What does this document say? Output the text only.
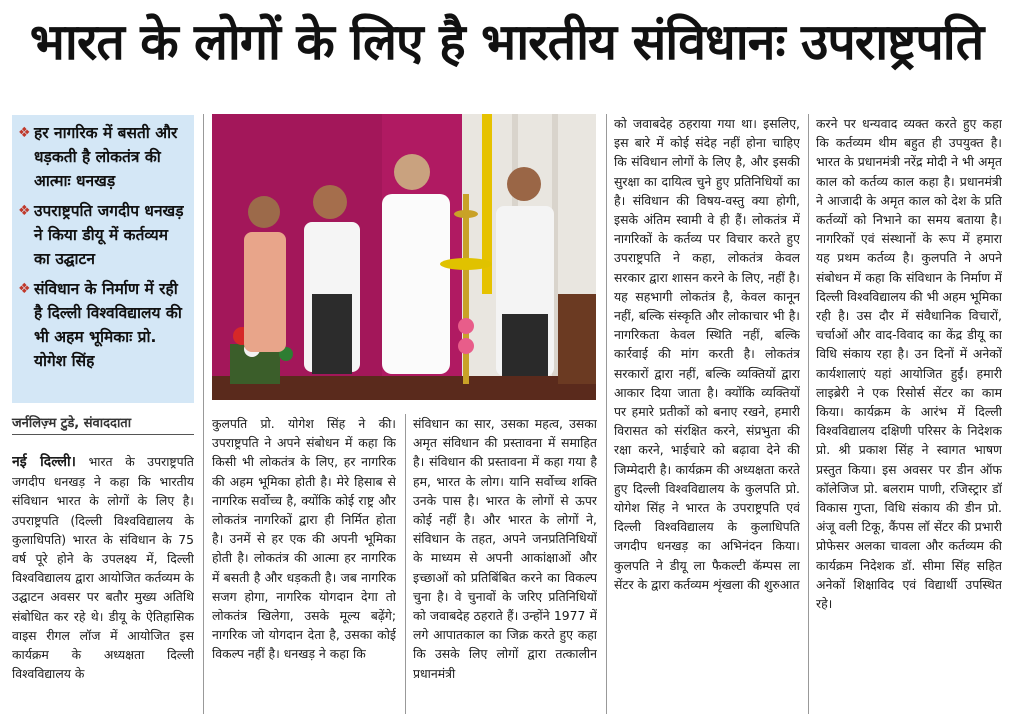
भारत के लोगों के लिए है भारतीय संविधानः उपराष्ट्रपति
❖ हर नागरिक में बसती और धड़कती है लोकतंत्र की आत्माः धनखड़
❖ उपराष्ट्रपति जगदीप धनखड़ ने किया डीयू में कर्तव्यम का उद्घाटन
❖ संविधान के निर्माण में रही है दिल्ली विश्वविद्यालय की भी अहम भूमिकाः प्रो. योगेश सिंह
जर्नलिज़्म टुडे, संवाददाता
नई दिल्ली। भारत के उपराष्ट्रपति जगदीप धनखड़ ने कहा कि भारतीय संविधान भारत के लोगों के लिए है। उपराष्ट्रपति (दिल्ली विश्वविद्यालय के कुलाधिपति) भारत के संविधान के 75 वर्ष पूरे होने के उपलक्ष्य में, दिल्ली विश्वविद्यालय द्वारा आयोजित कर्तव्यम के उद्घाटन अवसर पर बतौर मुख्य अतिथि संबोधित कर रहे थे। डीयू के ऐतिहासिक वाइस रीगल लॉज में आयोजित इस कार्यक्रम के अध्यक्षता दिल्ली विश्वविद्यालय के
कुलपति प्रो. योगेश सिंह ने की। उपराष्ट्रपति ने अपने संबोधन में कहा कि किसी भी लोकतंत्र के लिए, हर नागरिक की अहम भूमिका होती है। मेरे हिसाब से नागरिक सर्वोच्च है, क्योंकि कोई राष्ट्र और लोकतंत्र नागरिकों द्वारा ही निर्मित होता है। उनमें से हर एक की अपनी भूमिका होती है। लोकतंत्र की आत्मा हर नागरिक में बसती है और धड़कती है। जब नागरिक सजग होगा, नागरिक योगदान देगा तो लोकतंत्र खिलेगा, उसके मूल्य बढ़ेंगे; नागरिक जो योगदान देता है, उसका कोई विकल्प नहीं है। धनखड़ ने कहा कि
संविधान का सार, उसका महत्व, उसका अमृत संविधान की प्रस्तावना में समाहित है। संविधान की प्रस्तावना में कहा गया है हम, भारत के लोग। यानि सर्वोच्च शक्ति उनके पास है। भारत के लोगों से ऊपर कोई नहीं है। और भारत के लोगों ने, संविधान के तहत, अपने जनप्रतिनिधियों के माध्यम से अपनी आकांक्षाओं और इच्छाओं को प्रतिबिंबित करने का विकल्प चुना है। वे चुनावों के जरिए प्रतिनिधियों को जवाबदेह ठहराते हैं। उन्होंने 1977 में लगे आपातकाल का जिक्र करते हुए कहा कि उसके लिए लोगों द्वारा तत्कालीन प्रधानमंत्री
को जवाबदेह ठहराया गया था। इसलिए, इस बारे में कोई संदेह नहीं होना चाहिए कि संविधान लोगों के लिए है, और इसकी सुरक्षा का दायित्व चुने हुए प्रतिनिधियों का है। संविधान की विषय-वस्तु क्या होगी, इसके अंतिम स्वामी वे ही हैं। लोकतंत्र में नागरिकों के कर्तव्य पर विचार करते हुए उपराष्ट्रपति ने कहा, लोकतंत्र केवल सरकार द्वारा शासन करने के लिए, नहीं है। यह सहभागी लोकतंत्र है, केवल कानून नहीं, बल्कि संस्कृति और लोकाचार भी है। नागरिकता केवल स्थिति नहीं, बल्कि कार्रवाई की मांग करती है। लोकतंत्र सरकारों द्वारा नहीं, बल्कि व्यक्तियों द्वारा आकार दिया जाता है। क्योंकि व्यक्तियों पर हमारे प्रतीकों को बनाए रखने, हमारी विरासत को संरक्षित करने, संप्रभुता की रक्षा करने, भाईचारे को बढ़ावा देने की जिम्मेदारी है। कार्यक्रम की अध्यक्षता करते हुए दिल्ली विश्वविद्यालय के कुलपति प्रो. योगेश सिंह ने भारत के उपराष्ट्रपति एवं दिल्ली विश्वविद्यालय के कुलाधिपति जगदीप धनखड़ का अभिनंदन किया। कुलपति ने डीयू ला फैकल्टी कॅम्पस ला सेंटर के द्वारा कर्तव्यम शृंखला की शुरुआत
करने पर धन्यवाद व्यक्त करते हुए कहा कि कर्तव्यम थीम बहुत ही उपयुक्त है। भारत के प्रधानमंत्री नरेंद्र मोदी ने भी अमृत काल को कर्तव्य काल कहा है। प्रधानमंत्री ने आजादी के अमृत काल को देश के प्रति कर्तव्यों को निभाने का समय बताया है। नागरिकों एवं संस्थानों के रूप में हमारा यह प्रथम कर्तव्य है। कुलपति ने अपने संबोधन में कहा कि संविधान के निर्माण में दिल्ली विश्वविद्यालय की भी अहम भूमिका रही है। उस दौर में संवैधानिक विचारों, चर्चाओं और वाद-विवाद का केंद्र डीयू का विधि संकाय रहा है। उन दिनों में अनेकों कार्यशालाएं यहां आयोजित हुईं। हमारी लाइब्रेरी ने एक रिसोर्स सेंटर का काम किया। कार्यक्रम के आरंभ में दिल्ली विश्वविद्यालय दक्षिणी परिसर के निदेशक प्रो. श्री प्रकाश सिंह ने स्वागत भाषण प्रस्तुत किया। इस अवसर पर डीन ऑफ कॉलेजिज प्रो. बलराम पाणी, रजिस्ट्रार डॉ विकास गुप्ता, विधि संकाय की डीन प्रो. अंजू वली टिकू, कैंपस लॉ सेंटर की प्रभारी प्रोफेसर अलका चावला और कर्तव्यम की कार्यक्रम निदेशक डॉ. सीमा सिंह सहित अनेकों शिक्षाविद एवं विद्यार्थी उपस्थित रहे।
